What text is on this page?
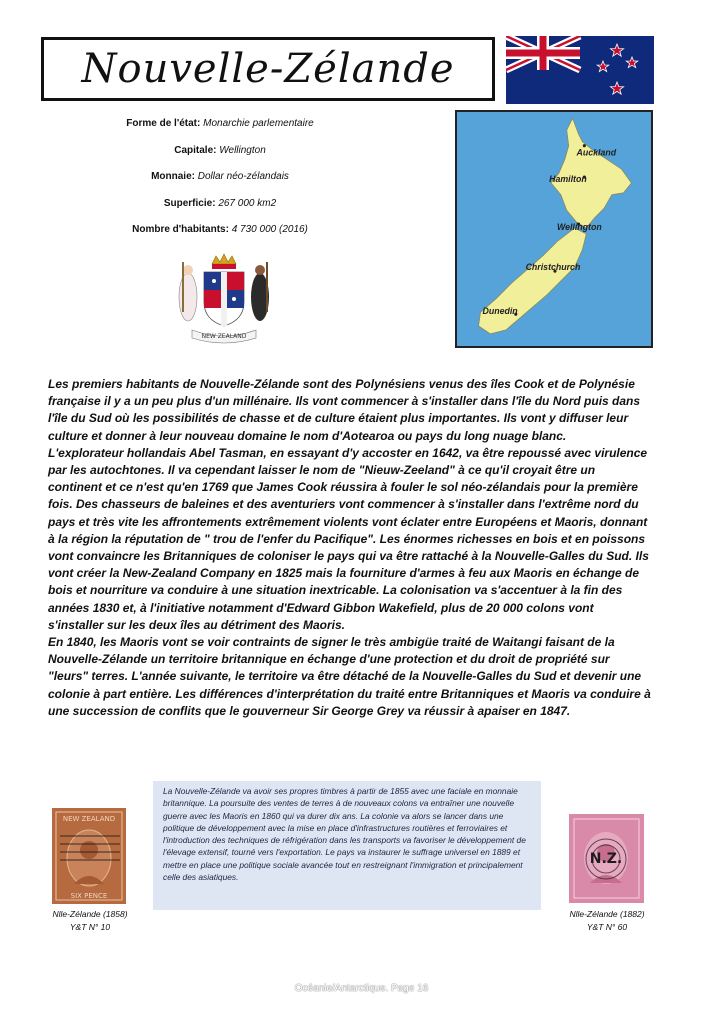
Nouvelle-Zélande
Forme de l'état: Monarchie parlementaire
Capitale: Wellington
Monnaie: Dollar néo-zélandais
Superficie: 267 000 km2
Nombre d'habitants: 4 730 000 (2016)
NEW ZEALAND
Auckland
Hamilton
Wellington
Christchurch
Dunedin

Les premiers habitants de Nouvelle-Zélande sont des Polynésiens venus des îles Cook et de Polynésie française il y a un peu plus d'un millénaire. Ils vont commencer à s'installer dans l'île du Nord puis dans l'île du Sud où les possibilités de chasse et de culture étaient plus importantes. Ils vont y diffuser leur culture et donner à leur nouveau domaine le nom d'Aotearoa ou pays du long nuage blanc.

L'explorateur hollandais Abel Tasman, en essayant d'y accoster en 1642, va être repoussé avec virulence par les autochtones. Il va cependant laisser le nom de "Nieuw-Zeeland" à ce qu'il croyait être un continent et ce n'est qu'en 1769 que James Cook réussira à fouler le sol néo-zélandais pour la première fois. Des chasseurs de baleines et des aventuriers vont commencer à s'installer dans l'extrême nord du pays et très vite les affrontements extrêmement violents vont éclater entre Européens et Maoris, donnant à la région la réputation de " trou de l'enfer du Pacifique". Les énormes richesses en bois et en poissons vont convaincre les Britanniques de coloniser le pays qui va être rattaché à la Nouvelle-Galles du Sud. Ils vont créer la New-Zealand Company en 1825 mais la fourniture d'armes à feu aux Maoris en échange de bois et nourriture va conduire à une situation inextricable. La colonisation va s'accentuer à la fin des années 1830 et, à l'initiative notamment d'Edward Gibbon Wakefield, plus de 20 000 colons vont s'installer sur les deux îles au détriment des Maoris.

En 1840, les Maoris vont se voir contraints de signer le très ambigüe traité de Waitangi faisant de la Nouvelle-Zélande un territoire britannique en échange d'une protection et du droit de propriété sur "leurs" terres. L'année suivante, le territoire va être détaché de la Nouvelle-Galles du Sud et devenir une colonie à part entière. Les différences d'interprétation du traité entre Britanniques et Maoris va conduire à une succession de conflits que le gouverneur Sir George Grey va réussir à apaiser en 1847.

La Nouvelle-Zélande va avoir ses propres timbres à partir de 1855 avec une faciale en monnaie britannique. La poursuite des ventes de terres à de nouveaux colons va entraîner une nouvelle guerre avec les Maoris en 1860 qui va durer dix ans. La colonie va alors se lancer dans une politique de développement avec la mise en place d'infrastructures routières et ferroviaires et l'introduction des techniques de réfrigération dans les transports va favoriser le développement de l'élevage extensif, tourné vers l'exportation. Le pays va instaurer le suffrage universel en 1889 et mettre en place une politique sociale avancée tout en restreignant l'immigration et principalement celle des asiatiques.

NEW ZEALAND
SIX PENCE
N.Z.
Nlle-Zélande (1858)
Y&T N° 10
Nlle-Zélande (1882)
Y&T N° 60
Océanie/Antarctique. Page 16
